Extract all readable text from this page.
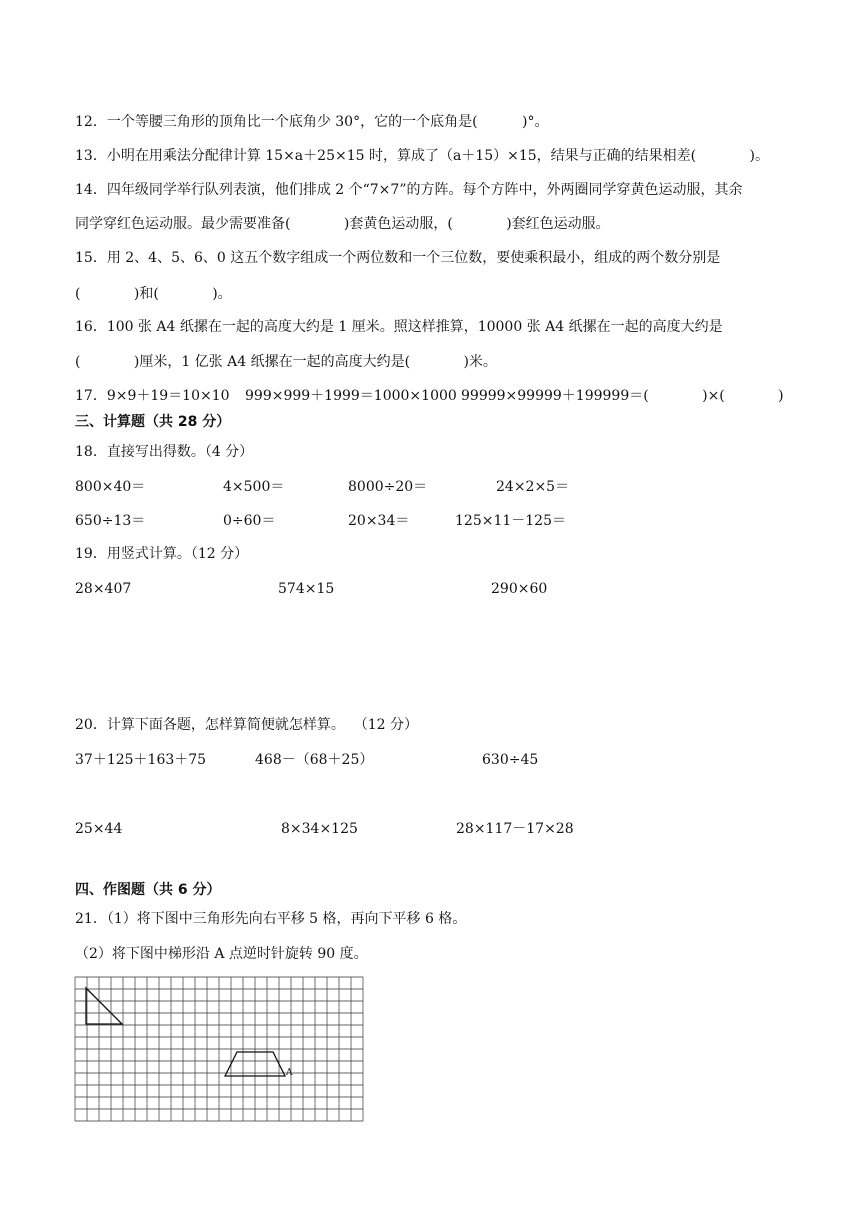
12．一个等腰三角形的顶角比一个底角少 30°，它的一个底角是(          )°。
13．小明在用乘法分配律计算 15×a＋25×15 时，算成了（a＋15）×15，结果与正确的结果相差(            )。
14．四年级同学举行队列表演，他们排成 2 个“7×7”的方阵。每个方阵中，外两圈同学穿黄色运动服，其余
同学穿红色运动服。最少需要准备(            )套黄色运动服，(            )套红色运动服。
15．用 2、4、5、6、0 这五个数字组成一个两位数和一个三位数，要使乘积最小，组成的两个数分别是
(            )和(            )。
16．100 张 A4 纸摞在一起的高度大约是 1 厘米。照这样推算，10000 张 A4 纸摞在一起的高度大约是
(            )厘米，1 亿张 A4 纸摞在一起的高度大约是(            )米。
17．9×9＋19＝10×10 999×999＋1999＝1000×1000 99999×99999＋199999＝(            )×(            )
三、计算题（共 28 分）
18．直接写出得数。（4 分）
800×40＝	4×500＝	8000÷20＝	24×2×5＝
650÷13＝	0÷60＝	20×34＝	125×11－125＝
19．用竖式计算。（12 分）
28×407	574×15	290×60
20．计算下面各题，怎样算简便就怎样算。  （12 分）
37＋125＋163＋75	468－（68＋25）	630÷45
25×44	8×34×125	28×117－17×28
四、作图题（共 6 分）
21．（1）将下图中三角形先向右平移 5 格，再向下平移 6 格。
（2）将下图中梯形沿 A 点逆时针旋转 90 度。
A
